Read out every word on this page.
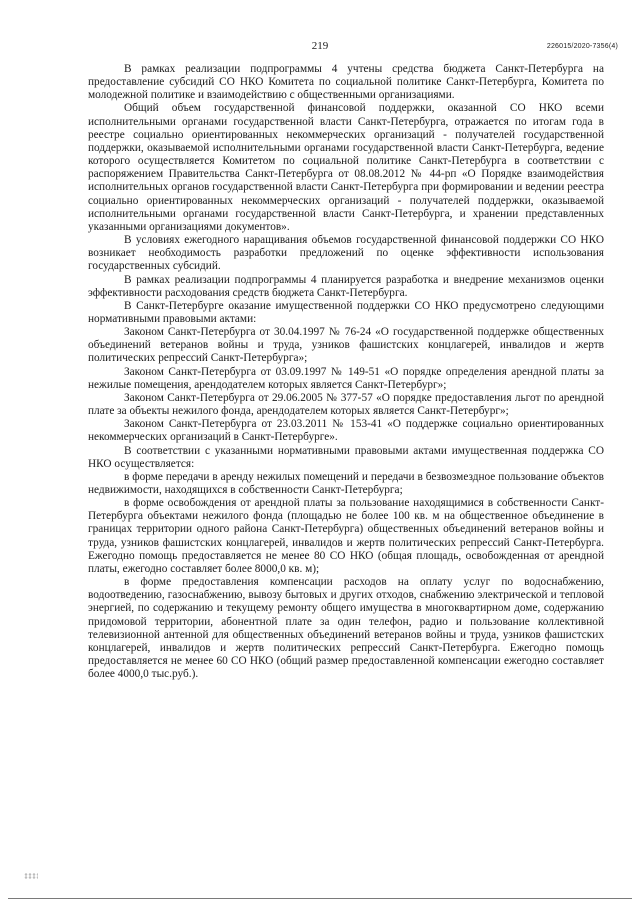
219	226015/2020-7356(4)

В рамках реализации подпрограммы 4 учтены средства бюджета Санкт-Петербурга на предоставление субсидий СО НКО Комитета по социальной политике Санкт-Петербурга, Комитета по молодежной политике и взаимодействию с общественными организациями.

Общий объем государственной финансовой поддержки, оказанной СО НКО всеми исполнительными органами государственной власти Санкт-Петербурга, отражается по итогам года в реестре социально ориентированных некоммерческих организаций - получателей государственной поддержки, оказываемой исполнительными органами государственной власти Санкт-Петербурга, ведение которого осуществляется Комитетом по социальной политике Санкт-Петербурга в соответствии с распоряжением Правительства Санкт-Петербурга от 08.08.2012 № 44-рп «О Порядке взаимодействия исполнительных органов государственной власти Санкт-Петербурга при формировании и ведении реестра социально ориентированных некоммерческих организаций - получателей поддержки, оказываемой исполнительными органами государственной власти Санкт-Петербурга, и хранении представленных указанными организациями документов».

В условиях ежегодного наращивания объемов государственной финансовой поддержки СО НКО возникает необходимость разработки предложений по оценке эффективности использования государственных субсидий.

В рамках реализации подпрограммы 4 планируется разработка и внедрение механизмов оценки эффективности расходования средств бюджета Санкт-Петербурга.

В Санкт-Петербурге оказание имущественной поддержки СО НКО предусмотрено следующими нормативными правовыми актами:

Законом Санкт-Петербурга от 30.04.1997 № 76-24 «О государственной поддержке общественных объединений ветеранов войны и труда, узников фашистских концлагерей, инвалидов и жертв политических репрессий Санкт-Петербурга»;

Законом Санкт-Петербурга от 03.09.1997 № 149-51 «О порядке определения арендной платы за нежилые помещения, арендодателем которых является Санкт-Петербург»;

Законом Санкт-Петербурга от 29.06.2005 № 377-57 «О порядке предоставления льгот по арендной плате за объекты нежилого фонда, арендодателем которых является Санкт-Петербург»;

Законом Санкт-Петербурга от 23.03.2011 № 153-41 «О поддержке социально ориентированных некоммерческих организаций в Санкт-Петербурге».

В соответствии с указанными нормативными правовыми актами имущественная поддержка СО НКО осуществляется:

в форме передачи в аренду нежилых помещений и передачи в безвозмездное пользование объектов недвижимости, находящихся в собственности Санкт-Петербурга;

в форме освобождения от арендной платы за пользование находящимися в собственности Санкт-Петербурга объектами нежилого фонда (площадью не более 100 кв. м на общественное объединение в границах территории одного района Санкт-Петербурга) общественных объединений ветеранов войны и труда, узников фашистских концлагерей, инвалидов и жертв политических репрессий Санкт-Петербурга. Ежегодно помощь предоставляется не менее 80 СО НКО (общая площадь, освобожденная от арендной платы, ежегодно составляет более 8000,0 кв. м);

в форме предоставления компенсации расходов на оплату услуг по водоснабжению, водоотведению, газоснабжению, вывозу бытовых и других отходов, снабжению электрической и тепловой энергией, по содержанию и текущему ремонту общего имущества в многоквартирном доме, содержанию придомовой территории, абонентной плате за один телефон, радио и пользование коллективной телевизионной антенной для общественных объединений ветеранов войны и труда, узников фашистских концлагерей, инвалидов и жертв политических репрессий Санкт-Петербурга. Ежегодно помощь предоставляется не менее 60 СО НКО (общий размер предоставленной компенсации ежегодно составляет более 4000,0 тыс.руб.).
